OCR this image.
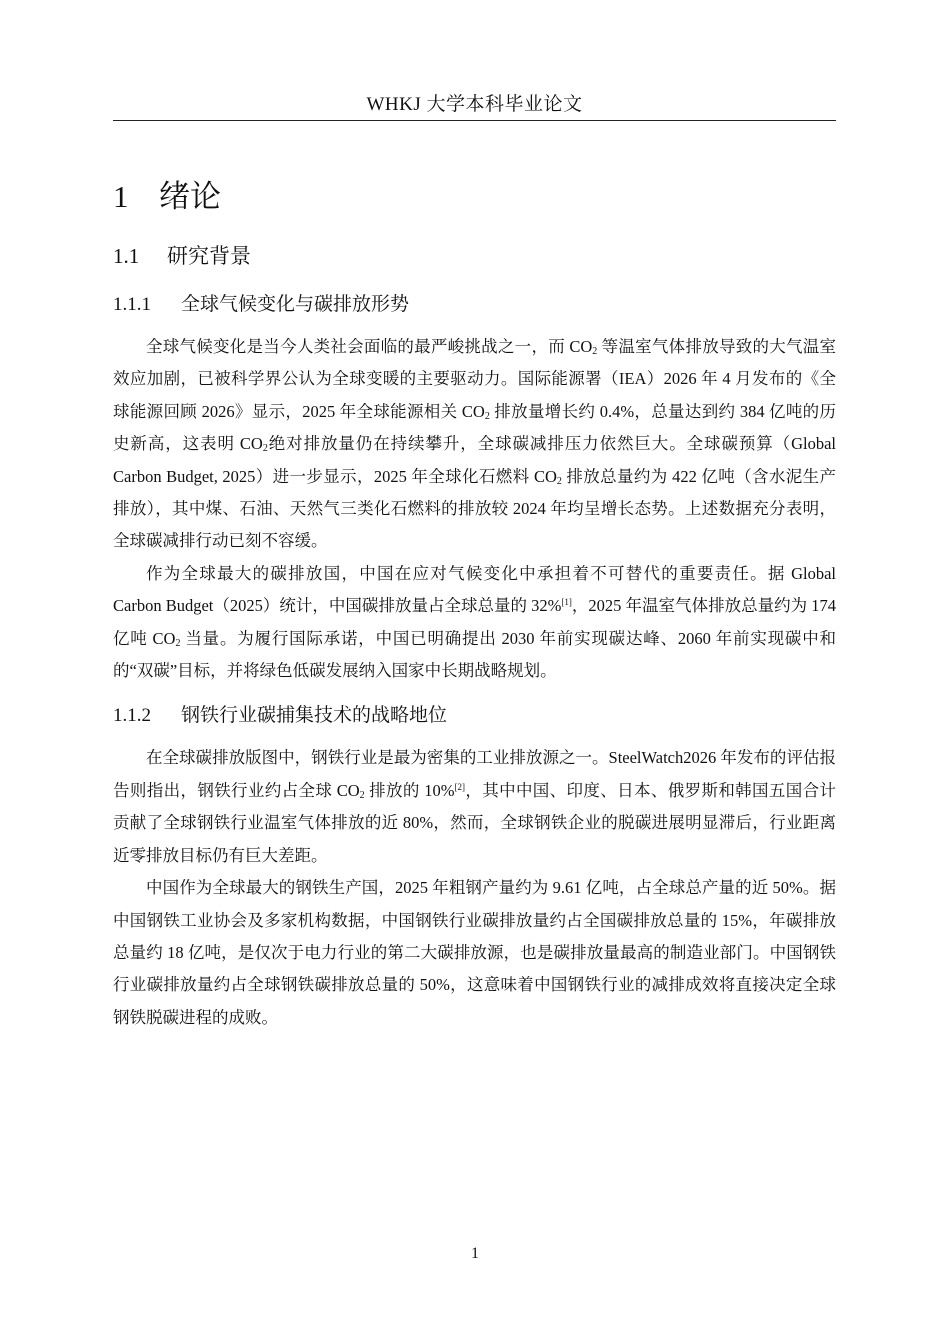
WHKJ 大学本科毕业论文
1 绪论
1.1 研究背景
1.1.1 全球气候变化与碳排放形势

全球气候变化是当今人类社会面临的最严峻挑战之一，而 $CO_2$ 等温室气体排放导致的大气温室效应加剧，已被科学界公认为全球变暖的主要驱动力。国际能源署（IEA）2026 年 4 月发布的《全球能源回顾 2026》显示，2025 年全球能源相关 $CO_2$ 排放量增长约 0.4%，总量达到约 384 亿吨的历史新高，这表明 $CO_2$绝对排放量仍在持续攀升，全球碳减排压力依然巨大。全球碳预算（Global Carbon Budget, 2025）进一步显示，2025 年全球化石燃料 $CO_2$ 排放总量约为 422 亿吨（含水泥生产排放），其中煤、石油、天然气三类化石燃料的排放较 2024 年均呈增长态势。上述数据充分表明，全球碳减排行动已刻不容缓。

作为全球最大的碳排放国，中国在应对气候变化中承担着不可替代的重要责任。据 Global Carbon Budget（2025）统计，中国碳排放量占全球总量的 32%[1]，2025 年温室气体排放总量约为 174 亿吨 $CO_2$ 当量。为履行国际承诺，中国已明确提出 2030 年前实现碳达峰、2060 年前实现碳中和的“双碳”目标，并将绿色低碳发展纳入国家中长期战略规划。

1.1.2 钢铁行业碳捕集技术的战略地位

在全球碳排放版图中，钢铁行业是最为密集的工业排放源之一。SteelWatch2026 年发布的评估报告则指出，钢铁行业约占全球 $CO_2$ 排放的 10%[2]，其中中国、印度、日本、俄罗斯和韩国五国合计贡献了全球钢铁行业温室气体排放的近 80%，然而，全球钢铁企业的脱碳进展明显滞后，行业距离近零排放目标仍有巨大差距。

中国作为全球最大的钢铁生产国，2025 年粗钢产量约为 9.61 亿吨，占全球总产量的近 50%。据中国钢铁工业协会及多家机构数据，中国钢铁行业碳排放量约占全国碳排放总量的 15%，年碳排放总量约 18 亿吨，是仅次于电力行业的第二大碳排放源，也是碳排放量最高的制造业部门。中国钢铁行业碳排放量约占全球钢铁碳排放总量的 50%，这意味着中国钢铁行业的减排成效将直接决定全球钢铁脱碳进程的成败。

1
